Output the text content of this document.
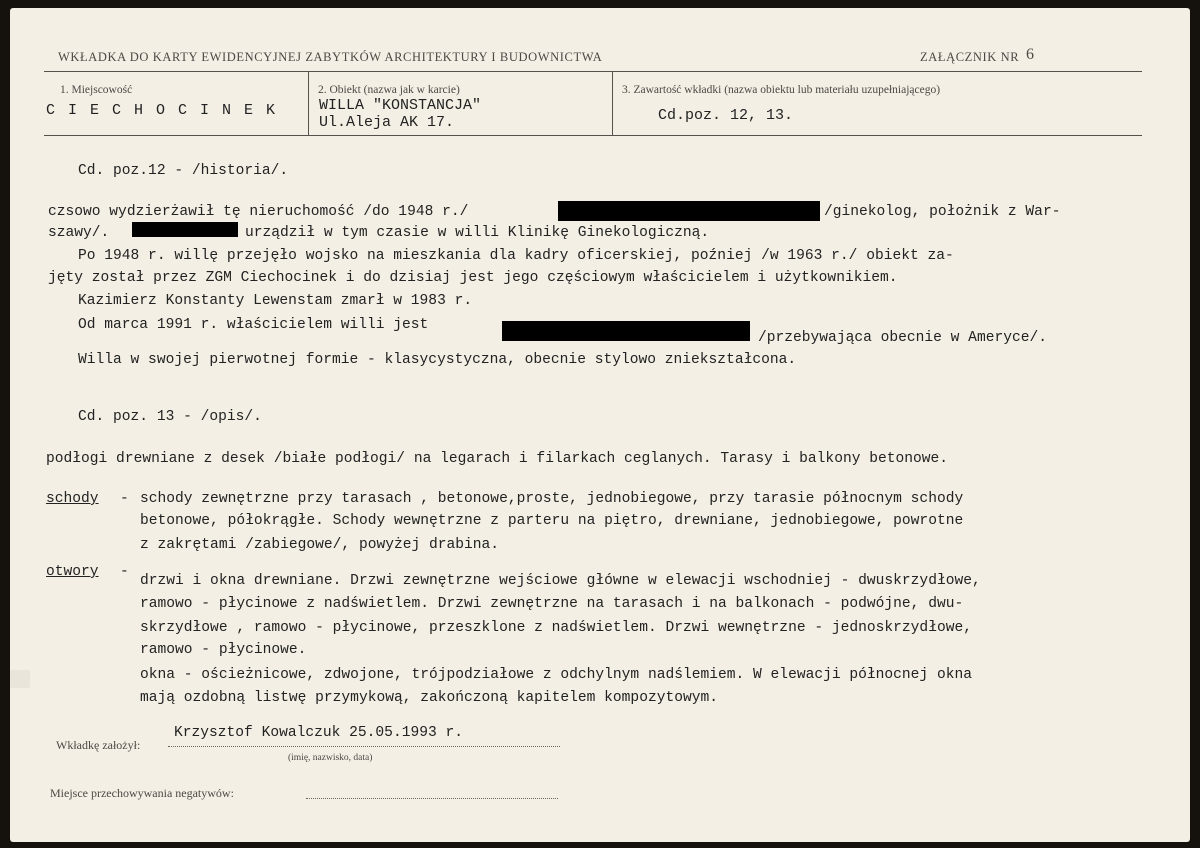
WKŁADKA DO KARTY EWIDENCYJNEJ ZABYTKÓW ARCHITEKTURY I BUDOWNICTWA	ZAŁĄCZNIK NR 6
1. Miejscowość
C I E C H O C I N E K
2. Obiekt (nazwa jak w karcie)
WILLA "KONSTANCJA"
Ul.Aleja AK 17.
3. Zawartość wkładki (nazwa obiektu lub materiału uzupełniającego)
Cd.poz. 12, 13.
Cd. poz.12 - /historia/.
czsowo wydzierżawił tę nieruchomość /do 1948 r./	/ginekolog, położnik z War-
szawy/.	urządził w tym czasie w willi Klinikę Ginekologiczną.
Po 1948 r. willę przejęło wojsko na mieszkania dla kadry oficerskiej, poźniej /w 1963 r./ obiekt za-
jęty został przez ZGM Ciechocinek i do dzisiaj jest jego częściowym właścicielem i użytkownikiem.
Kazimierz Konstanty Lewenstam zmarł w 1983 r.
Od marca 1991 r. właścicielem willi jest
/przebywająca obecnie w Ameryce/.
Willa w swojej pierwotnej formie - klasycystyczna, obecnie stylowo zniekształcona.
Cd. poz. 13 - /opis/.
podłogi drewniane z desek /białe podłogi/ na legarach i filarkach ceglanych. Tarasy i balkony betonowe.
schody - schody zewnętrzne przy tarasach , betonowe,proste, jednobiegowe, przy tarasie północnym schody
betonowe, półokrągłe. Schody wewnętrzne z parteru na piętro, drewniane, jednobiegowe, powrotne
z zakrętami /zabiegowe/, powyżej drabina.
otwory -
drzwi i okna drewniane. Drzwi zewnętrzne wejściowe główne w elewacji wschodniej - dwuskrzydłowe,
ramowo - płycinowe z nadświetlem. Drzwi zewnętrzne na tarasach i na balkonach - podwójne, dwu-
skrzydłowe , ramowo - płycinowe, przeszklone z nadświetlem. Drzwi wewnętrzne - jednoskrzydłowe,
ramowo - płycinowe.
okna - ościeżnicowe, zdwojone, trójpodziałowe z odchylnym nadślemiem. W elewacji północnej okna
mają ozdobną listwę przymykową, zakończoną kapitelem kompozytowym.
Wkładkę założył:
Krzysztof Kowalczuk 25.05.1993 r.
(imię, nazwisko, data)
Miejsce przechowywania negatywów:
